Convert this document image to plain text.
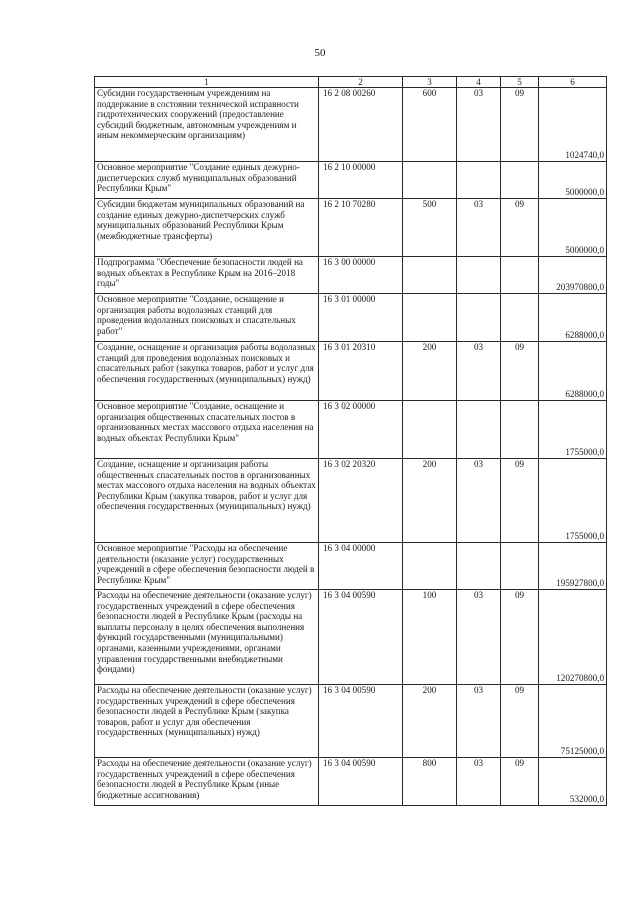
50
1	2	3	4	5	6
Субсидии государственным учреждениям на поддержание в состоянии технической исправности гидротехнических сооружений (предоставление субсидий бюджетным, автономным учреждениям и иным некоммерческим организациям)	16 2 08 00260	600	03	09	1024740,0
Основное мероприятие "Создание единых дежурно-диспетчерских служб муниципальных образований Республики Крым"	16 2 10 00000				5000000,0
Субсидии бюджетам муниципальных образований на создание единых дежурно-диспетчерских служб муниципальных образований Республики Крым (межбюджетные трансферты)	16 2 10 70280	500	03	09	5000000,0
Подпрограмма "Обеспечение безопасности людей на водных объектах в Республике Крым на 2016–2018 годы"	16 3 00 00000				203970800,0
Основное мероприятие "Создание, оснащение и организация работы водолазных станций для проведения водолазных поисковых и спасательных работ"	16 3 01 00000				6288000,0
Создание, оснащение и организация работы водолазных станций для проведения водолазных поисковых и спасательных работ (закупка товаров, работ и услуг для обеспечения государственных (муниципальных) нужд)	16 3 01 20310	200	03	09	6288000,0
Основное мероприятие "Создание, оснащение и организация общественных спасательных постов в организованных местах массового отдыха населения на водных объектах Республики Крым"	16 3 02 00000				1755000,0
Создание, оснащение и организация работы общественных спасательных постов в организованных местах массового отдыха населения на водных объектах Республики Крым (закупка товаров, работ и услуг для обеспечения государственных (муниципальных) нужд)	16 3 02 20320	200	03	09	1755000,0
Основное мероприятие "Расходы на обеспечение деятельности (оказание услуг) государственных учреждений в сфере обеспечения безопасности людей в Республике Крым"	16 3 04 00000				195927800,0
Расходы на обеспечение деятельности (оказание услуг) государственных учреждений в сфере обеспечения безопасности людей в Республике Крым (расходы на выплаты персоналу в целях обеспечения выполнения функций государственными (муниципальными) органами, казенными учреждениями, органами управления государственными внебюджетными фондами)	16 3 04 00590	100	03	09	120270800,0
Расходы на обеспечение деятельности (оказание услуг) государственных учреждений в сфере обеспечения безопасности людей в Республике Крым (закупка товаров, работ и услуг для обеспечения государственных (муниципальных) нужд)	16 3 04 00590	200	03	09	75125000,0
Расходы на обеспечение деятельности (оказание услуг) государственных учреждений в сфере обеспечения безопасности людей в Республике Крым (иные бюджетные ассигнования)	16 3 04 00590	800	03	09	532000,0
